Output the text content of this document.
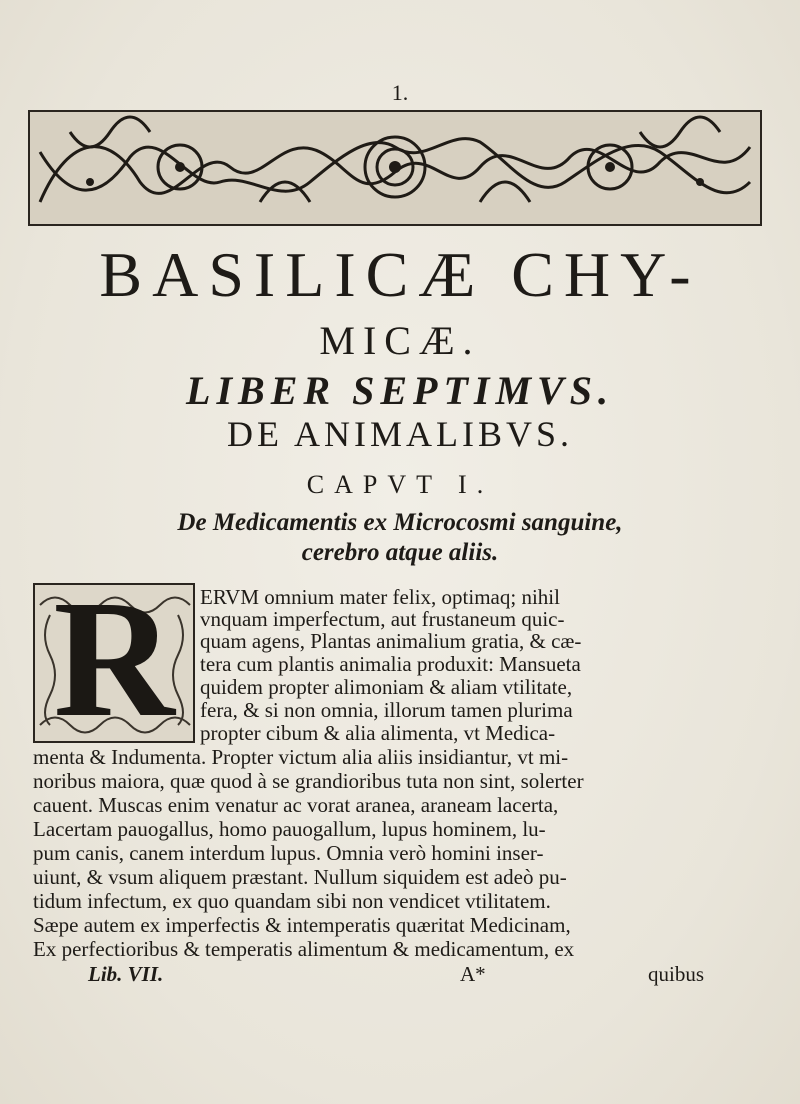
1.
BASILICÆ CHY-
MICÆ.
LIBER SEPTIMVS.
DE ANIMALIBVS.
CAPVT I.
De Medicamentis ex Microcosmi sanguine,
cerebro atque aliis.
R	ERVM omnium mater felix, optimaq; nihil
vnquam imperfectum, aut frustaneum quic-
quam agens, Plantas animalium gratia, & cæ-
tera cum plantis animalia produxit: Mansueta
quidem propter alimoniam & aliam vtilitate,
fera, & si non omnia, illorum tamen plurima
propter cibum & alia alimenta, vt Medica-
menta & Indumenta. Propter victum alia aliis insidiantur, vt mi-
noribus maiora, quæ quod à se grandioribus tuta non sint, solerter
cauent. Muscas enim venatur ac vorat aranea, araneam lacerta,
Lacertam pauogallus, homo pauogallum, lupus hominem, lu-
pum canis, canem interdum lupus. Omnia verò homini inser-
uiunt, & vsum aliquem præstant. Nullum siquidem est adeò pu-
tidum infectum, ex quo quandam sibi non vendicet vtilitatem.
Sæpe autem ex imperfectis & intemperatis quæritat Medicinam,
Ex perfectioribus & temperatis alimentum & medicamentum, ex
Lib. VII.	A*	quibus
